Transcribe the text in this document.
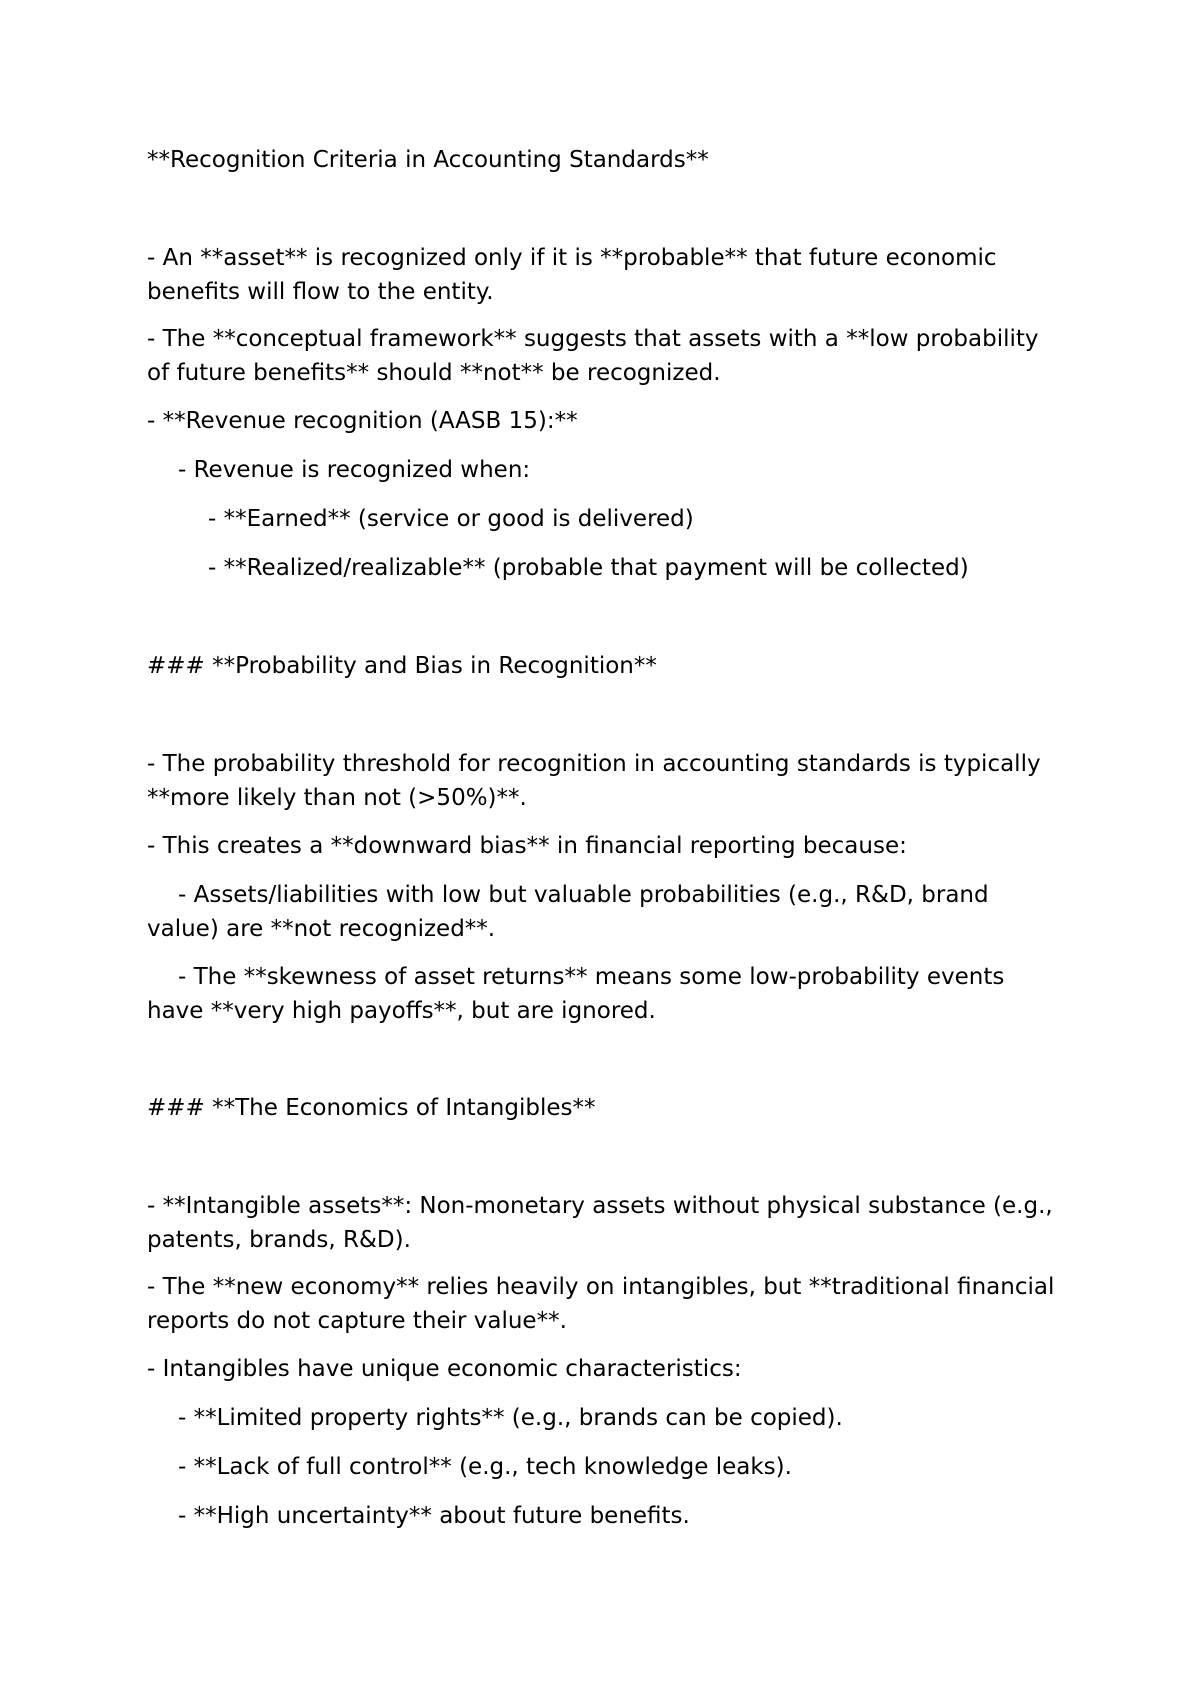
**Recognition Criteria in Accounting Standards**

- An **asset** is recognized only if it is **probable** that future economic benefits will flow to the entity.

- The **conceptual framework** suggests that assets with a **low probability of future benefits** should **not** be recognized.

- **Revenue recognition (AASB 15):**

- Revenue is recognized when:

- **Earned** (service or good is delivered)

- **Realized/realizable** (probable that payment will be collected)

### **Probability and Bias in Recognition**

- The probability threshold for recognition in accounting standards is typically **more likely than not (>50%)**.

- This creates a **downward bias** in financial reporting because:

- Assets/liabilities with low but valuable probabilities (e.g., R&D, brand value) are **not recognized**.

- The **skewness of asset returns** means some low-probability events have **very high payoffs**, but are ignored.

### **The Economics of Intangibles**

- **Intangible assets**: Non-monetary assets without physical substance (e.g., patents, brands, R&D).

- The **new economy** relies heavily on intangibles, but **traditional financial reports do not capture their value**.

- Intangibles have unique economic characteristics:

- **Limited property rights** (e.g., brands can be copied).

- **Lack of full control** (e.g., tech knowledge leaks).

- **High uncertainty** about future benefits.
